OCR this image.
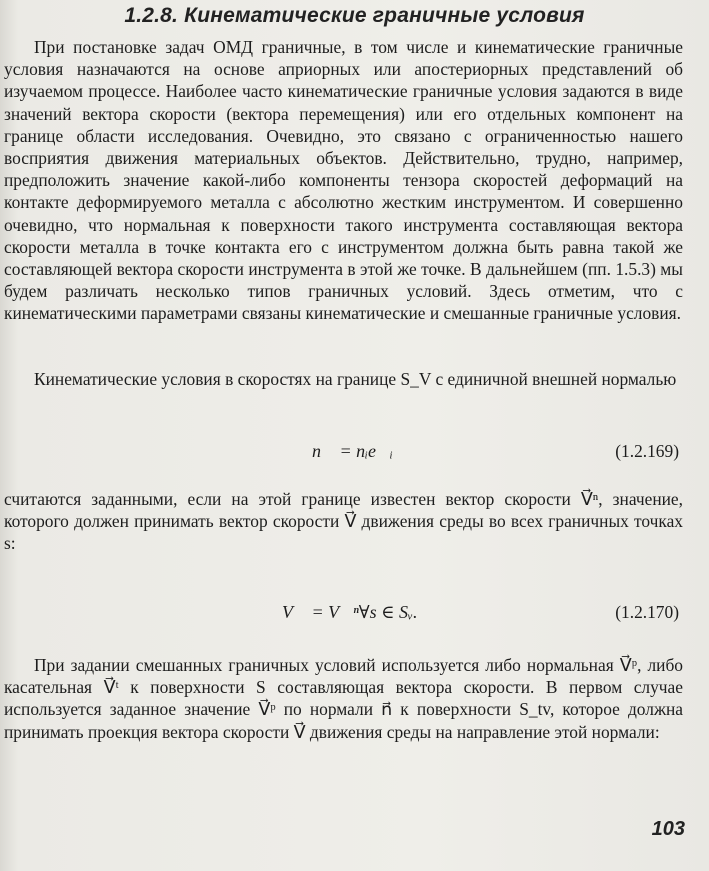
1.2.8. Кинематические граничные условия

При постановке задач ОМД граничные, в том числе и кинематические граничные условия назначаются на основе априорных или апостериорных представлений об изучаемом процессе. Наиболее часто кинематические граничные условия задаются в виде значений вектора скорости (вектора перемещения) или его отдельных компонент на границе области исследования. Очевидно, это связано с ограниченностью нашего восприятия движения материальных объектов. Действительно, трудно, например, предположить значение какой-либо компоненты тензора скоростей деформаций на контакте деформируемого металла с абсолютно жестким инструментом. И совершенно очевидно, что нормальная к поверхности такого инструмента составляющая вектора скорости металла в точке контакта его с инструментом должна быть равна такой же составляющей вектора скорости инструмента в этой же точке. В дальнейшем (пп. 1.5.3) мы будем различать несколько типов граничных условий. Здесь отметим, что с кинематическими параметрами связаны кинематические и смешанные граничные условия.

Кинематические условия в скоростях на границе S_V с единичной внешней нормалью

n⃗ = nᵢe⃗ᵢ	(1.2.169)

считаются заданными, если на этой границе известен вектор скорости V⃗ⁿ, значение, которого должен принимать вектор скорости V⃗ движения среды во всех граничных точках s:

V⃗ = V⃗ⁿ∀s ∈ Sᵥ.	(1.2.170)

При задании смешанных граничных условий используется либо нормальная V⃗ᵖ, либо касательная V⃗ᵗ к поверхности S составляющая вектора скорости. В первом случае используется заданное значение V⃗ᵖ по нормали n⃗ к поверхности S_tv, которое должна принимать проекция вектора скорости V⃗ движения среды на направление этой нормали:

103
